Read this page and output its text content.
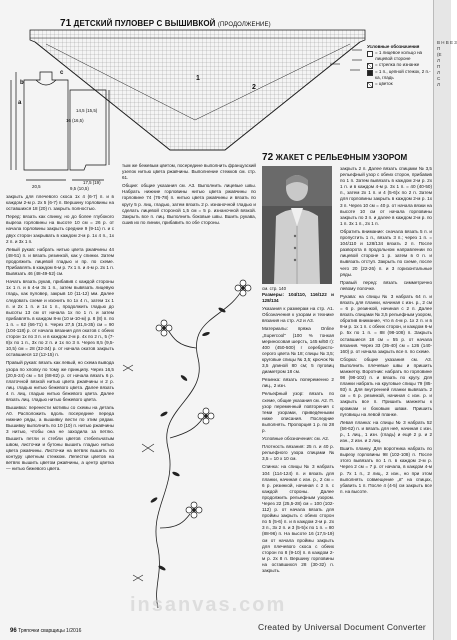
71 ДЕТСКИЙ ПУЛОВЕР С ВЫШИВКОЙ (ПРОДОЛЖЕНИЕ)
2
1
b
a
c
Условные обозначения
= 1 лицевое кольцо на лицевой стороне
= стрелка по изнанке
= 1 п., цепной стежок, 2 п.-ка, гладь
= цветок
14,5 (15,5)
20,5
16 (16,5)
17,5 (19)
9,5 (10,5)

закрыть для плечевого скоса 1x 4 (6-7) п. и в каждом 2-м р. 2x 5 (6-7) п. Вершину горловины на оставшихся 18 (20) п. закрыть полностью.

Перед: вязать как спинку, но до более глубокого выреза горловины на высоте 10 см = 26 р. от начала горловины закрыть средние 9 (9-11) п. и с двух сторон закрывать в каждом 2-м р. 1x 4 п., 1x 2 п. и 3x 1 п.

Левый рукав: набрать нитью цвета ржавчины 44 (48-51) п. и вязать резинкой, как у спинки. Затем продолжить лицевой гладью и пр. по схеме. Прибавлять в каждом 6-м р. 7x 1 п. и 4-м р. 2x 1 п. Вывязать 46 (48-49-52) см.

Начать вязать рукав, прибавив с каждой стороны 1x 1 п. и в 4-м 3x 1 п., затем вывязать лицевую гладь, как пуловер, закрыв 10 (11-12) мм. Далее следовать схеме и изонить по 1x 4 п., затем 1x 1 п. и 2x 1 п. и 1x 1 п., продолжить гладью до высоты 13 см от начала 1x по 1 п. и затем прибавлять в каждом 8-м (10 м-10-м) р. 8 (8) п. по 1 п. = 62 (66-71) п. Через 27,5 (31,5-35) см = 90 (104-118) р. от начала вязания для окатов с обеих сторон 1x по 3 п. и в каждом 2-м р. 4x по 2 п., 5 (7-8)x по 1 п., 3x по 2 п. и 1x по 3 п. Через 8,5 (9,5-10,5) см = 28 (32-34) р. от начала окатов закрыть оставшиеся 12 (12-15) п.

Правый рукав: вязать как левый, но схема вывода узора по хлопку по тому же принципу. Через 16,5 (20,5-24) см = 54 (68-82) р. от начала вязать 6 р. платочной вязкой нитью цвета ржавчины и 2 р. лиц. гладью нитью бежевого цвета. Далее вязать 4 п. лиц. гладью нитью бежевого цвета. Далее вязать лиц. гладью нитью бежевого цвета.

Вышивка: перенести мотивы со схемы на деталь А0. Расположить вдоль посередине переда нижние ряды, а вышивку вести по этим рядам. Вышивку выполнить по 10 (10) п. нитью ржавчины 3 нитью, чтобы она не заходила за петлю. Вышить петли и стебли цветов стебельчатым швом, листочки и бутоны вышить гладью нитью цвета ржавчины. Листочки на ветвях вышить по контуру цветным стежком. Лепестки цветов на ветвях вышить цветом ржавчины, а центр цветка — нитью бежевого цвета.

тым же бежевым цветом, посередине выполнить французский узелок нитью цвета ржавчины. Выполнение стежков см. стр. 61.

Общие: общие указания см. А3. Выполнить лицевые швы. Набрать нижние горловины нитью цвета ржавчины по горловине 74 (76-78) п. нитью цвета ржавчины и вязать по кругу 5 р. лиц. гладью, затем вязать 2 р. изнаночной гладью и сделать лицевой стороной 1,5 см = 5 р. изнаночной вязкой. Закрыть все п. лиц. Выполнить боковые швы. Вшить рукава, сшив их по линии, прибавить по обе стороны.

72 ЖАКЕТ С РЕЛЬЕФНЫМ УЗОРОМ
см. стр. 140

Размеры: 104/110, 116/122 и 128/134

Указания к размерам на стр. А1. Обозначения к узорам и технике вязания на стр. А2 и А3.

Материалы: пряжа Online „Supercool" (100 % тонкая мериносовая шерсть, 145 м/50 г): 400 (450-500) г серебристо-серого цвета № 18; спицы № 3,5; круговые спицы № 3,5; крючок № 3,5 длиной 80 см; 5 пуговиц диаметром 18 см.

Резинка: вязать попеременно 2 лиц., 2 изн.

Рельефный узор: вязать по схеме, общие указания см. А2. П. узор переменный повторения с теми узорами, приведёнными ниже описания. Последние выполнять. Пропорция 1 р. по 28 р.

Условные обозначения: см. А2.

Плотность вязания: 25 п. и 40 р. рельефного узора спицами № 3,5 = 10 х 10 см.

Спинка: на спицы № 3 набрать 104 (114-124) п. и вязать для планки, начиная с изн. р., 2 см = 6 р. резинкой, начиная с 2 п. с каждой стороны. Далее продолжить рельефным узором. Через 22 (25,5-28) см = 100 (102-112) р. от начала вязать для проймы закрыть с обеих сторон по 5 (5-6) п. и в каждом 2-м р. 2x 3 п., 3x 2 п. и 3 (5-5)x по 1 п. = 80 (88-96) п. На высоте 16 (17,5-19) см от начала проймы закрыть для плечевого скоса с обеих сторон по 8 (9-10) п. в каждом 2-м р. 2x 8 п. Вершину горловины на оставшихся 28 (30-32) п. закрыть.

закрыть 2 п. Далее вязать спицами № 3,5 рельефный узор с обеих сторон, прибавив по 1 п. Затем вывязать в каждом 2-м р. 2x 1 п. и в каждом 4-м р. 3x 1 п. = 40 (40-50) п., затем 2x 1 п. и 4 (5-6)x по 2 п. Затем для горловины закрыть в каждом 2-м р. 1x 3 п. Через 10 см = 40 р. от начала вязки на высоте 10 см от начала горловины закрыть по 3 п. и далее в каждом 2-м р. по 1 п. 3x 1 п., 2x 1 п.

Обратить внимание: сначала вязать 5 п. и пропустить 1 п., вязать 3 п.; через 1 п. = 104/110 и 128/134 вязать 2 п. После разворота в продольном направлении по лицевой стороне 1 р. затем в 0 п. и вывязать отступ. Закрыть по схеме, после чего 20 (22-26) п. и 3 горизонтальные ряды.

Правый перед: вязать симметрично левому полочке.

Рукава: на спицы № 3 набрать 64 п. и вязать для планки, начиная с изн. р., 2 см = 6 р. резинкой, начиная с 2 п. Далее вязать спицами № 3,5 рельефным узором, обратив внимание, что в 4-м р. 1x 2 п. и в 8-м р. 1x 1 п. с обеих сторон, и каждом 6-м р. 5x по 1 п. = 88 (98-108) п. Закрыть оставшиеся 18 см = 55 р. от начала вязания. Через 33 (35-40) см = 126 (140-160) р. от начала закрыть все п. по схеме.

Сборка: общие указания см. А3. Выполнить плечевые швы и пришить манжетку. Воротник: набрать по горловине 98 (98-102) п. и вязать по кругу. Для планки набрать на круговые спицы 79 (85-93) п. Для внутренней планки вывязать 2 см = 6 р. резинкой, начиная с изн. р. и закрыть все п. Пришить манжеты к кромкам и боковым швам. Пришить пуговицы на левой планке.

Левая планка: на спицы № 3 набрать 52 (56-62) п. и вязать для неё, начиная с изн. р., 1 лиц., 1 изн. (гладь) и ещё 2 р. и 2 изн., 2 изн. и 2 лиц.

Вшить планку. Для воротника набрать по вырезу горловины 98 (102-108) п. После этого вывязать по 1 п. в каждом 2-м р. Через 2 см = 7 р. от начала, в каждом 4-м р. 7x 1 п., 2 лиц., 2 изн., но при этом выполнять совмещение „в" на спицах, убавить 1 п. После 4 (4-5) см закрыть все п. на высоте.

В Н В Е 3
П
(Е
Л
П
Л
С
Л
insanvas.com
96 Тряпочки сварщицы 1/2016	Created by Universal Document Converter
